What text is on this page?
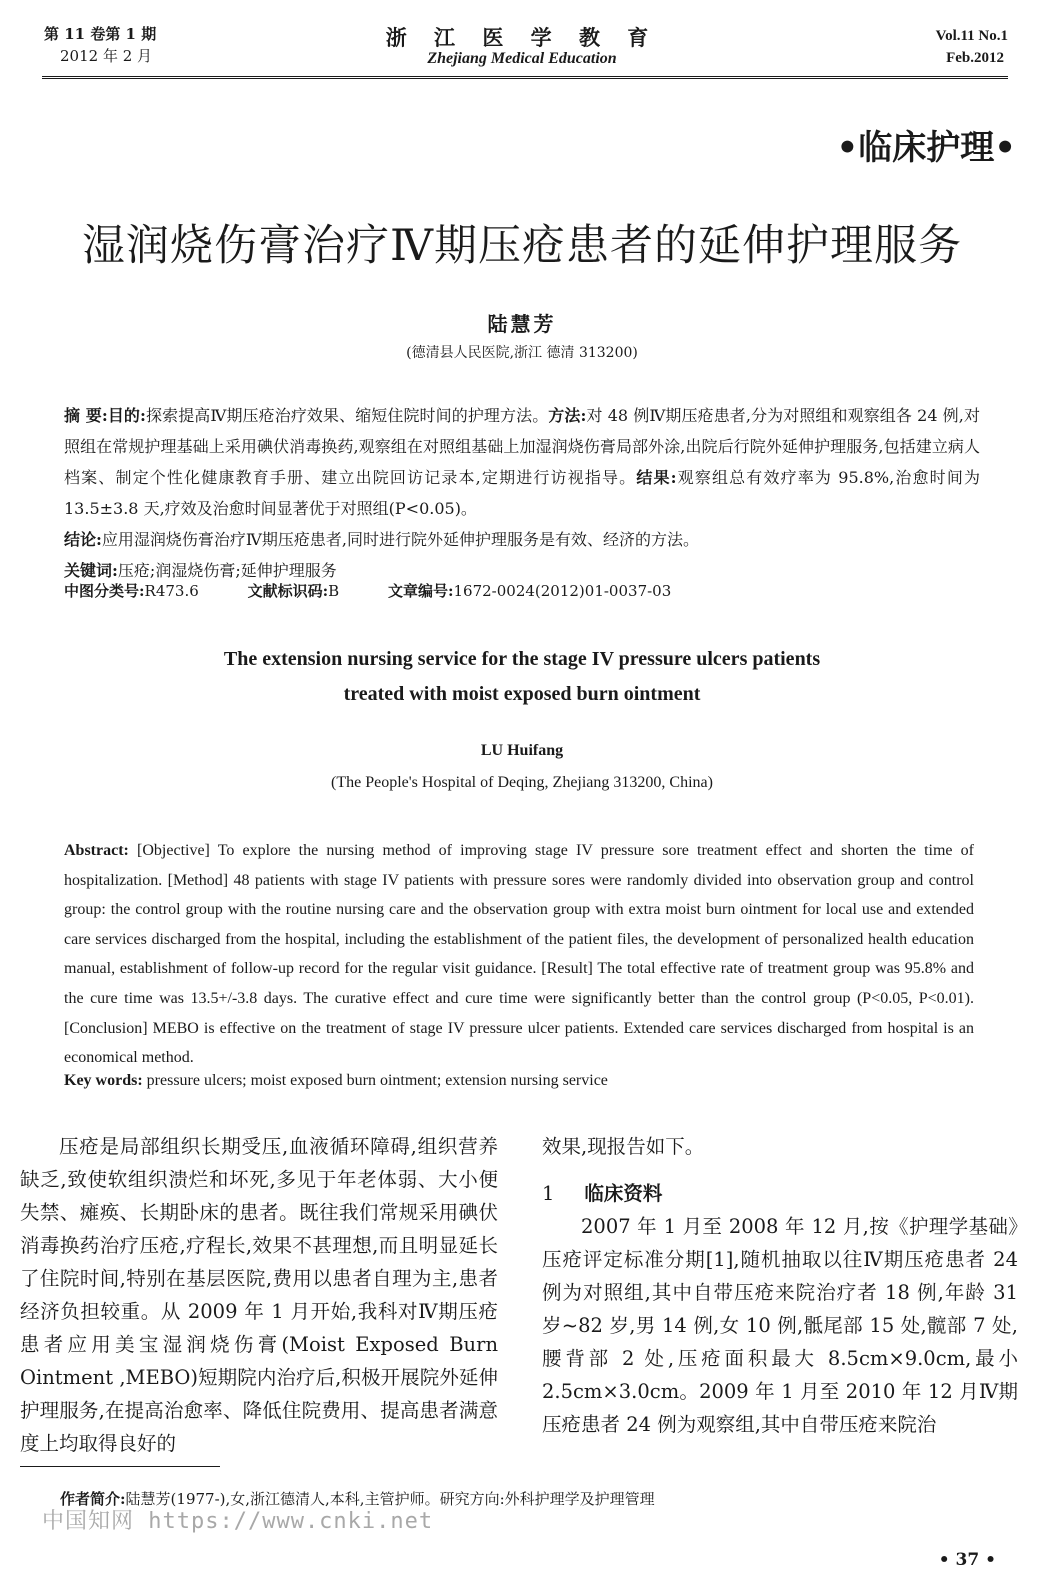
第 11 卷第 1 期
2012 年 2 月
浙 江 医 学 教 育
Zhejiang Medical Education
Vol.11 No.1
Feb.2012
•临床护理•
湿润烧伤膏治疗Ⅳ期压疮患者的延伸护理服务
陆慧芳
(德清县人民医院,浙江 德清 313200)
摘 要:目的:探索提高Ⅳ期压疮治疗效果、缩短住院时间的护理方法。方法:对 48 例Ⅳ期压疮患者,分为对照组和观察组各 24 例,对照组在常规护理基础上采用碘伏消毒换药,观察组在对照组基础上加湿润烧伤膏局部外涂,出院后行院外延伸护理服务,包括建立病人档案、制定个性化健康教育手册、建立出院回访记录本,定期进行访视指导。结果:观察组总有效疗率为 95.8%,治愈时间为 13.5±3.8 天,疗效及治愈时间显著优于对照组(P<0.05)。
结论:应用湿润烧伤膏治疗Ⅳ期压疮患者,同时进行院外延伸护理服务是有效、经济的方法。
关键词:压疮;润湿烧伤膏;延伸护理服务
中图分类号:R473.6	文献标识码:B	文章编号:1672-0024(2012)01-0037-03
The extension nursing service for the stage IV pressure ulcers patients
treated with moist exposed burn ointment
LU Huifang
(The People's Hospital of Deqing, Zhejiang 313200, China)
Abstract: [Objective] To explore the nursing method of improving stage IV pressure sore treatment effect and shorten the time of hospitalization. [Method] 48 patients with stage IV patients with pressure sores were randomly divided into observation group and control group: the control group with the routine nursing care and the observation group with extra moist burn ointment for local use and extended care services discharged from the hospital, including the establishment of the patient files, the development of personalized health education manual, establishment of follow-up record for the regular visit guidance. [Result] The total effective rate of treatment group was 95.8% and the cure time was 13.5+/-3.8 days. The curative effect and cure time were significantly better than the control group (P<0.05, P<0.01). [Conclusion] MEBO is effective on the treatment of stage IV pressure ulcer patients. Extended care services discharged from hospital is an economical method.
Key words: pressure ulcers; moist exposed burn ointment; extension nursing service
压疮是局部组织长期受压,血液循环障碍,组织营养缺乏,致使软组织溃烂和坏死,多见于年老体弱、大小便失禁、瘫痪、长期卧床的患者。既往我们常规采用碘伏消毒换药治疗压疮,疗程长,效果不甚理想,而且明显延长了住院时间,特别在基层医院,费用以患者自理为主,患者经济负担较重。从 2009 年 1 月开始,我科对Ⅳ期压疮患者应用美宝湿润烧伤膏(Moist Exposed Burn Ointment ,MEBO)短期院内治疗后,积极开展院外延伸护理服务,在提高治愈率、降低住院费用、提高患者满意度上均取得良好的
效果,现报告如下。
1 临床资料
2007 年 1 月至 2008 年 12 月,按《护理学基础》压疮评定标准分期[1],随机抽取以往Ⅳ期压疮患者 24 例为对照组,其中自带压疮来院治疗者 18 例,年龄 31 岁~82 岁,男 14 例,女 10 例,骶尾部 15 处,髋部 7 处,腰背部 2 处,压疮面积最大 8.5cm×9.0cm,最小 2.5cm×3.0cm。2009 年 1 月至 2010 年 12 月Ⅳ期压疮患者 24 例为观察组,其中自带压疮来院治
作者简介:陆慧芳(1977-),女,浙江德清人,本科,主管护师。研究方向:外科护理学及护理管理
中国知网 https://www.cnki.net
• 37 •
